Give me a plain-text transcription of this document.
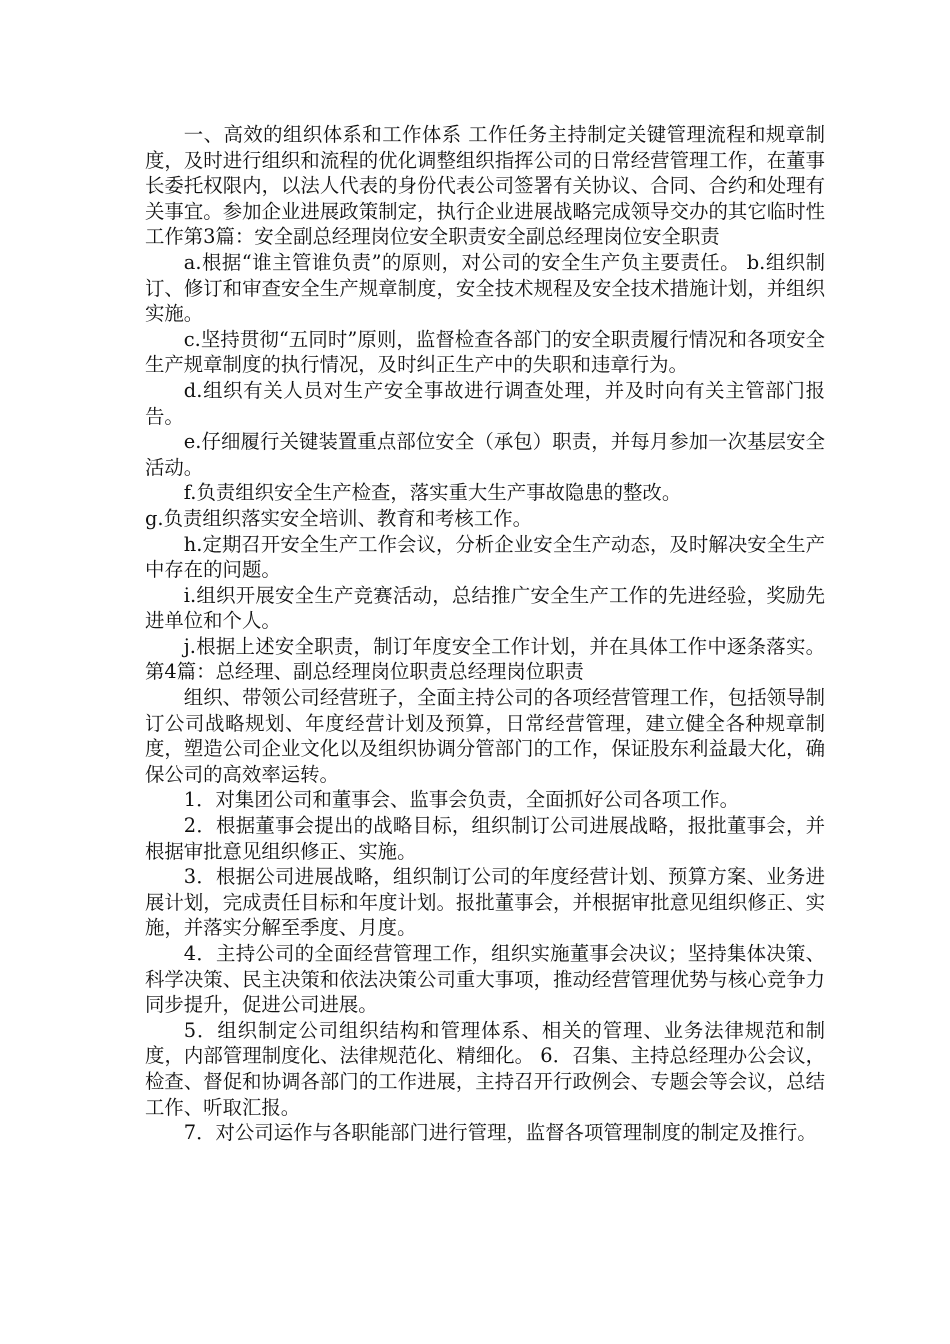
一、高效的组织体系和工作体系 工作任务主持制定关键管理流程和规章制度，及时进行组织和流程的优化调整组织指挥公司的日常经营管理工作，在董事长委托权限内，以法人代表的身份代表公司签署有关协议、合同、合约和处理有关事宜。参加企业进展政策制定，执行企业进展战略完成领导交办的其它临时性工作第3篇：安全副总经理岗位安全职责安全副总经理岗位安全职责

a.根据“谁主管谁负责”的原则，对公司的安全生产负主要责任。 b.组织制订、修订和审查安全生产规章制度，安全技术规程及安全技术措施计划，并组织实施。

c.坚持贯彻“五同时”原则，监督检查各部门的安全职责履行情况和各项安全生产规章制度的执行情况，及时纠正生产中的失职和违章行为。

d.组织有关人员对生产安全事故进行调查处理，并及时向有关主管部门报告。

e.仔细履行关键装置重点部位安全（承包）职责，并每月参加一次基层安全活动。

f.负责组织安全生产检查，落实重大生产事故隐患的整改。

g.负责组织落实安全培训、教育和考核工作。

h.定期召开安全生产工作会议，分析企业安全生产动态，及时解决安全生产中存在的问题。

i.组织开展安全生产竞赛活动，总结推广安全生产工作的先进经验，奖励先进单位和个人。

j.根据上述安全职责，制订年度安全工作计划，并在具体工作中逐条落实。第4篇：总经理、副总经理岗位职责总经理岗位职责

组织、带领公司经营班子，全面主持公司的各项经营管理工作，包括领导制订公司战略规划、年度经营计划及预算，日常经营管理，建立健全各种规章制度，塑造公司企业文化以及组织协调分管部门的工作，保证股东利益最大化，确保公司的高效率运转。

1．对集团公司和董事会、监事会负责，全面抓好公司各项工作。

2．根据董事会提出的战略目标，组织制订公司进展战略，报批董事会，并根据审批意见组织修正、实施。

3．根据公司进展战略，组织制订公司的年度经营计划、预算方案、业务进展计划，完成责任目标和年度计划。报批董事会，并根据审批意见组织修正、实施，并落实分解至季度、月度。

4．主持公司的全面经营管理工作，组织实施董事会决议；坚持集体决策、科学决策、民主决策和依法决策公司重大事项，推动经营管理优势与核心竞争力同步提升，促进公司进展。

5．组织制定公司组织结构和管理体系、相关的管理、业务法律规范和制度，内部管理制度化、法律规范化、精细化。 6．召集、主持总经理办公会议，检查、督促和协调各部门的工作进展，主持召开行政例会、专题会等会议，总结工作、听取汇报。

7．对公司运作与各职能部门进行管理，监督各项管理制度的制定及推行。
